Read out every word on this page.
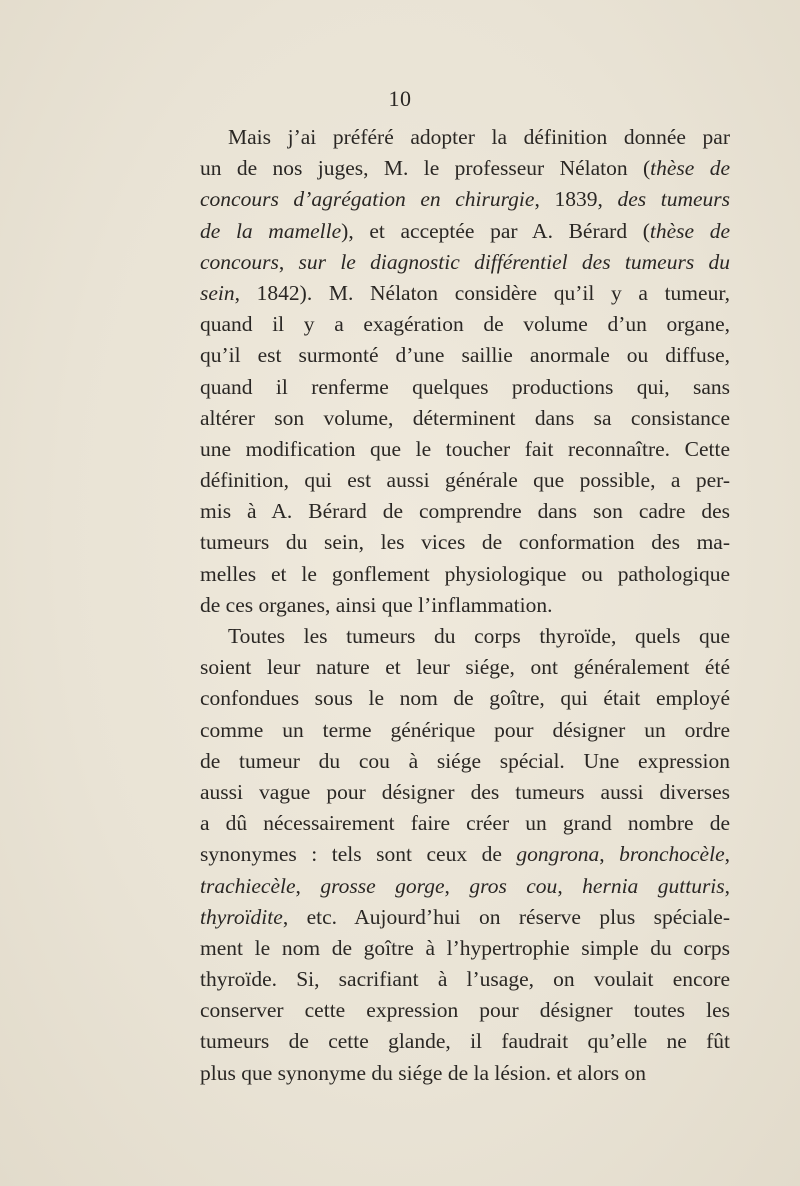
10
Mais j’ai préféré adopter la définition donnée par
un de nos juges, M. le professeur Nélaton (thèse de
concours d’agrégation en chirurgie, 1839, des tumeurs
de la mamelle), et acceptée par A. Bérard (thèse de
concours, sur le diagnostic différentiel des tumeurs du
sein, 1842). M. Nélaton considère qu’il y a tumeur,
quand il y a exagération de volume d’un organe,
qu’il est surmonté d’une saillie anormale ou diffuse,
quand il renferme quelques productions qui, sans
altérer son volume, déterminent dans sa consistance
une modification que le toucher fait reconnaître. Cette
définition, qui est aussi générale que possible, a per-
mis à A. Bérard de comprendre dans son cadre des
tumeurs du sein, les vices de conformation des ma-
melles et le gonflement physiologique ou pathologique
de ces organes, ainsi que l’inflammation.
Toutes les tumeurs du corps thyroïde, quels que
soient leur nature et leur siége, ont généralement été
confondues sous le nom de goître, qui était employé
comme un terme générique pour désigner un ordre
de tumeur du cou à siége spécial. Une expression
aussi vague pour désigner des tumeurs aussi diverses
a dû nécessairement faire créer un grand nombre de
synonymes : tels sont ceux de gongrona, bronchocèle,
trachiecèle, grosse gorge, gros cou, hernia gutturis,
thyroïdite, etc. Aujourd’hui on réserve plus spéciale-
ment le nom de goître à l’hypertrophie simple du corps
thyroïde. Si, sacrifiant à l’usage, on voulait encore
conserver cette expression pour désigner toutes les
tumeurs de cette glande, il faudrait qu’elle ne fût
plus que synonyme du siége de la lésion. et alors on
